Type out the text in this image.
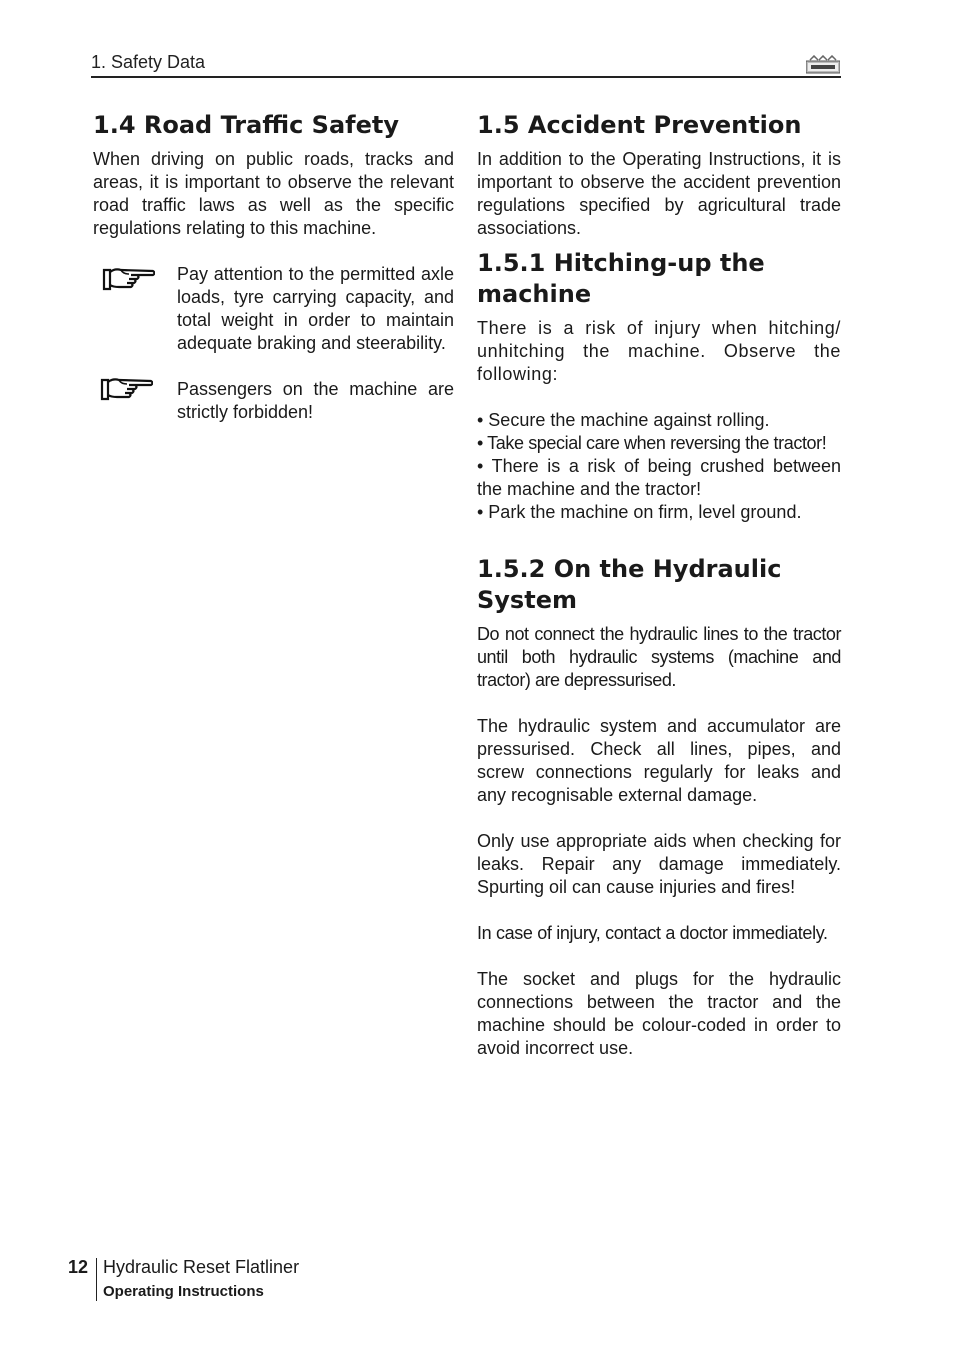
1. Safety Data
1.4 Road Traffic Safety

When driving on public roads, tracks and areas, it is important to observe the relevant road traffic laws as well as the specific regulations relating to this machine.

Pay attention to the permitted axle loads, tyre carrying capacity, and total weight in order to maintain adequate braking and steerability.

Passengers on the machine are strictly forbidden!

1.5 Accident Prevention

In addition to the Operating Instructions, it is important to observe the accident prevention regulations specified by agricultural trade associations.

1.5.1 Hitching-up the machine

There is a risk of injury when hitching/ unhitching the machine. Observe the following:

• Secure the machine against rolling.
• Take special care when reversing the tractor!

• There is a risk of being crushed between the machine and the tractor!

• Park the machine on firm, level ground.
1.5.2 On the Hydraulic System

Do not connect the hydraulic lines to the tractor until both hydraulic systems (machine and tractor) are depressurised.

The hydraulic system and accumulator are pressurised. Check all lines, pipes, and screw connections regularly for leaks and any recognisable external damage.

Only use appropriate aids when checking for leaks. Repair any damage immediately. Spurting oil can cause injuries and fires!

In case of injury, contact a doctor immediately.

The socket and plugs for the hydraulic connections between the tractor and the machine should be colour-coded in order to avoid incorrect use.

12 Hydraulic Reset Flatliner
Operating Instructions
